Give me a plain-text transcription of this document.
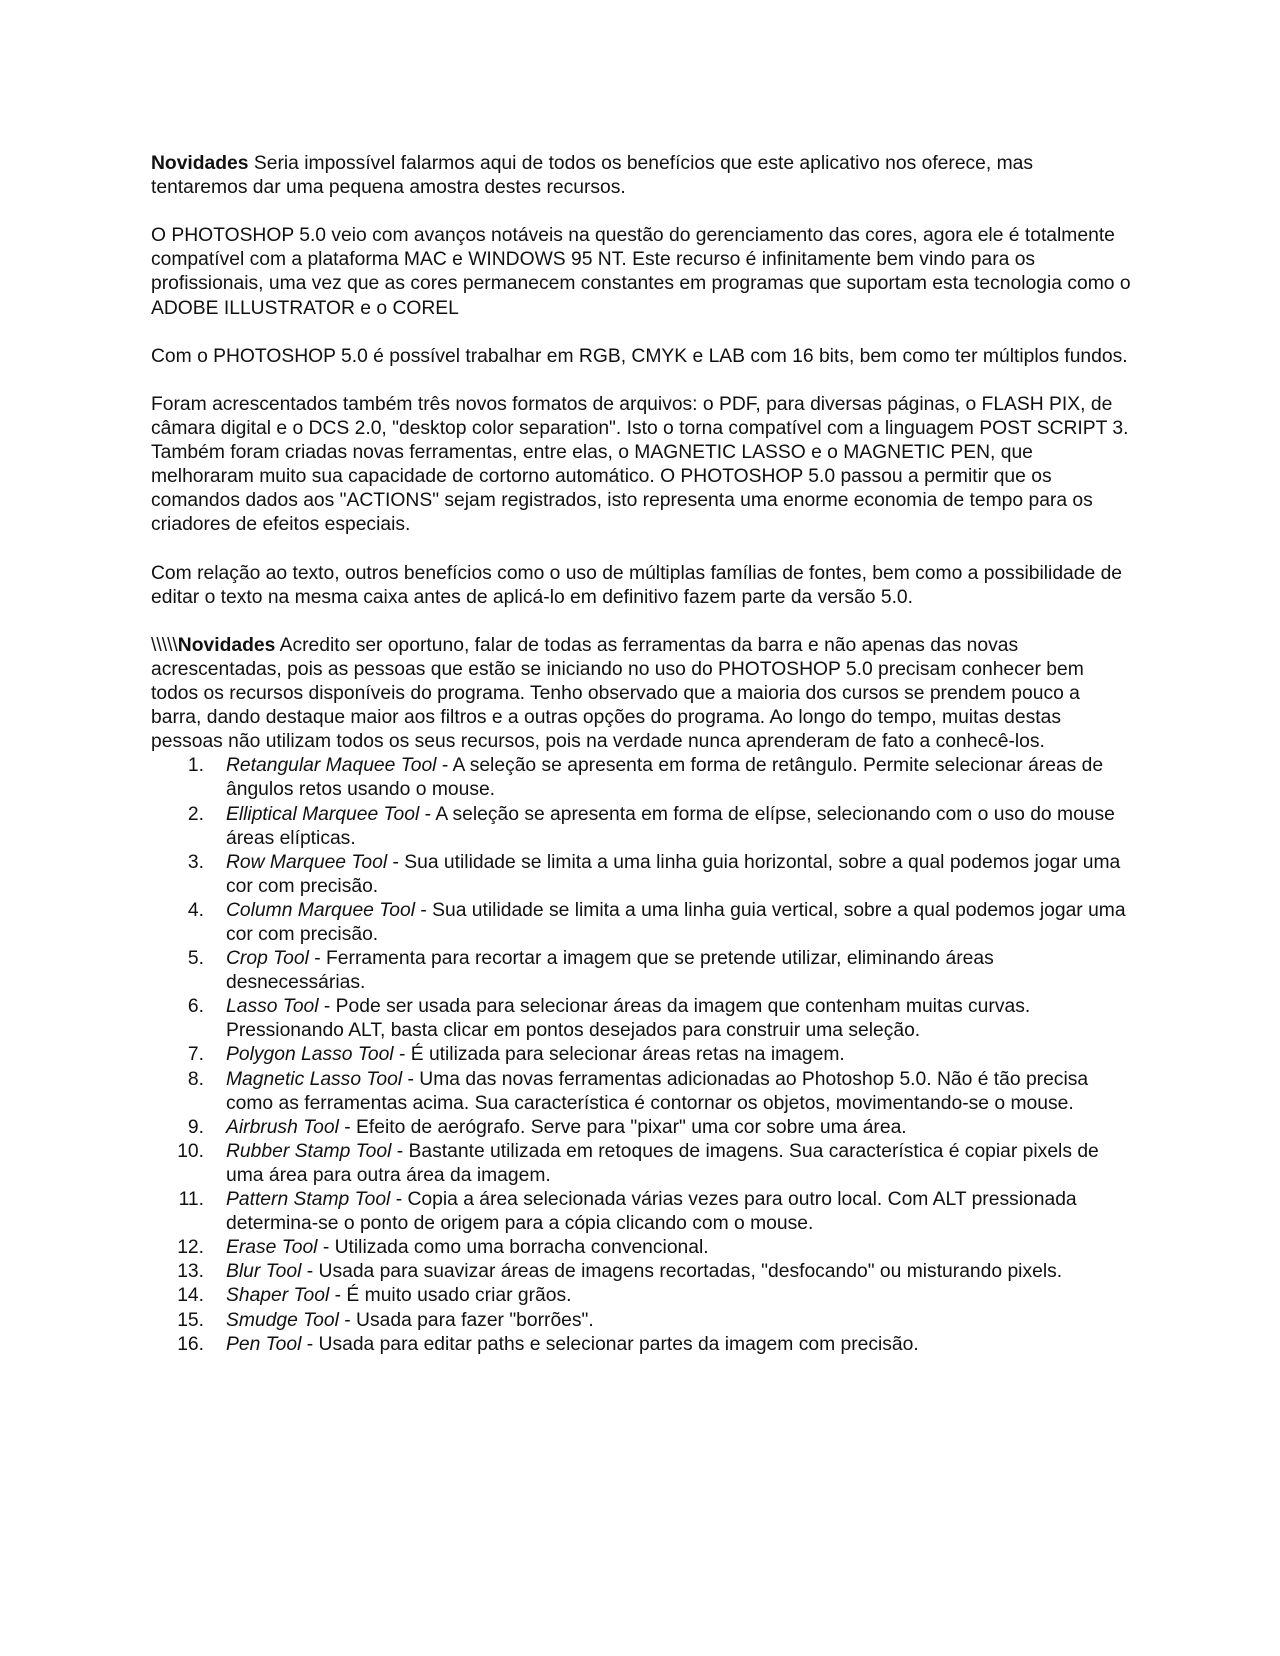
Novidades Seria impossível falarmos aqui de todos os benefícios que este aplicativo nos oferece, mas tentaremos dar uma pequena amostra destes recursos.

O PHOTOSHOP 5.0 veio com avanços notáveis na questão do gerenciamento das cores, agora ele é totalmente compatível com a plataforma MAC e WINDOWS 95 NT. Este recurso é infinitamente bem vindo para os profissionais, uma vez que as cores permanecem constantes em programas que suportam esta tecnologia como o ADOBE ILLUSTRATOR e o COREL

Com o PHOTOSHOP 5.0 é possível trabalhar em RGB, CMYK e LAB com 16 bits, bem como ter múltiplos fundos.

Foram acrescentados também três novos formatos de arquivos: o PDF, para diversas páginas, o FLASH PIX, de câmara digital e o DCS 2.0, "desktop color separation". Isto o torna compatível com a linguagem POST SCRIPT 3. Também foram criadas novas ferramentas, entre elas, o MAGNETIC LASSO e o MAGNETIC PEN, que melhoraram muito sua capacidade de cortorno automático. O PHOTOSHOP 5.0 passou a permitir que os comandos dados aos "ACTIONS" sejam registrados, isto representa uma enorme economia de tempo para os criadores de efeitos especiais.

Com relação ao texto, outros benefícios como o uso de múltiplas famílias de fontes, bem como a possibilidade de editar o texto na mesma caixa antes de aplicá-lo em definitivo fazem parte da versão 5.0.

\\\\\Novidades Acredito ser oportuno, falar de todas as ferramentas da barra e não apenas das novas acrescentadas, pois as pessoas que estão se iniciando no uso do PHOTOSHOP 5.0 precisam conhecer bem todos os recursos disponíveis do programa. Tenho observado que a maioria dos cursos se prendem pouco a barra, dando destaque maior aos filtros e a outras opções do programa. Ao longo do tempo, muitas destas pessoas não utilizam todos os seus recursos, pois na verdade nunca aprenderam de fato a conhecê-los.

1. Retangular Maquee Tool - A seleção se apresenta em forma de retângulo. Permite selecionar áreas de ângulos retos usando o mouse.
2. Elliptical Marquee Tool - A seleção se apresenta em forma de elípse, selecionando com o uso do mouse áreas elípticas.
3. Row Marquee Tool - Sua utilidade se limita a uma linha guia horizontal, sobre a qual podemos jogar uma cor com precisão.
4. Column Marquee Tool - Sua utilidade se limita a uma linha guia vertical, sobre a qual podemos jogar uma cor com precisão.
5. Crop Tool - Ferramenta para recortar a imagem que se pretende utilizar, eliminando áreas desnecessárias.
6. Lasso Tool - Pode ser usada para selecionar áreas da imagem que contenham muitas curvas. Pressionando ALT, basta clicar em pontos desejados para construir uma seleção.
7. Polygon Lasso Tool - É utilizada para selecionar áreas retas na imagem.
8. Magnetic Lasso Tool - Uma das novas ferramentas adicionadas ao Photoshop 5.0. Não é tão precisa como as ferramentas acima. Sua característica é contornar os objetos, movimentando-se o mouse.
9. Airbrush Tool - Efeito de aerógrafo. Serve para "pixar" uma cor sobre uma área.
10. Rubber Stamp Tool - Bastante utilizada em retoques de imagens. Sua característica é copiar pixels de uma área para outra área da imagem.
11. Pattern Stamp Tool - Copia a área selecionada várias vezes para outro local. Com ALT pressionada determina-se o ponto de origem para a cópia clicando com o mouse.
12. Erase Tool - Utilizada como uma borracha convencional.
13. Blur Tool - Usada para suavizar áreas de imagens recortadas, "desfocando" ou misturando pixels.
14. Shaper Tool - É muito usado criar grãos.
15. Smudge Tool - Usada para fazer "borrões".
16. Pen Tool - Usada para editar paths e selecionar partes da imagem com precisão.
